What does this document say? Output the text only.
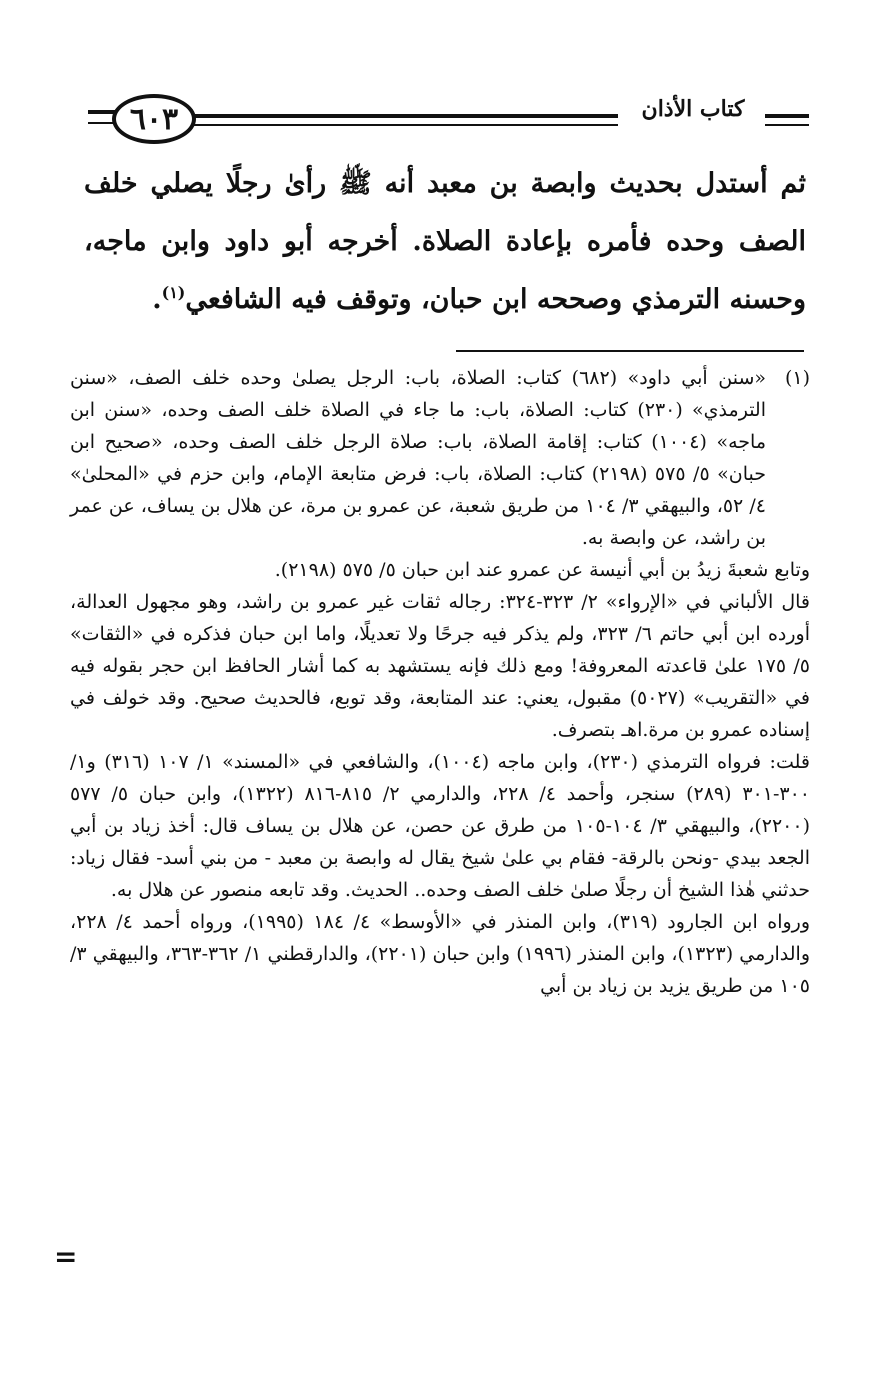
٦٠٣	كتاب الأذان

ثم أستدل بحديث وابصة بن معبد أنه ﷺ رأىٰ رجلًا يصلي خلف الصف وحده فأمره بإعادة الصلاة. أخرجه أبو داود وابن ماجه، وحسنه الترمذي وصححه ابن حبان، وتوقف فيه الشافعي$^{(١)}$.

(١)

«سنن أبي داود» (٦٨٢) كتاب: الصلاة، باب: الرجل يصلىٰ وحده خلف الصف، «سنن الترمذي» (٢٣٠) كتاب: الصلاة، باب: ما جاء في الصلاة خلف الصف وحده، «سنن ابن ماجه» (١٠٠٤) كتاب: إقامة الصلاة، باب: صلاة الرجل خلف الصف وحده، «صحيح ابن حبان» ٥/ ٥٧٥ (٢١٩٨) كتاب: الصلاة، باب: فرض متابعة الإمام، وابن حزم في «المحلىٰ» ٤/ ٥٢، والبيهقي ٣/ ١٠٤ من طريق شعبة، عن عمرو بن مرة، عن هلال بن يساف، عن عمر بن راشد، عن وابصة به.

وتابع شعبةَ زيدُ بن أبي أنيسة عن عمرو عند ابن حبان ٥/ ٥٧٥ (٢١٩٨).

قال الألباني في «الإرواء» ٢/ ٣٢٣-٣٢٤: رجاله ثقات غير عمرو بن راشد، وهو مجهول العدالة، أورده ابن أبي حاتم ٦/ ٣٢٣، ولم يذكر فيه جرحًا ولا تعديلًا، واما ابن حبان فذكره في «الثقات» ٥/ ١٧٥ علىٰ قاعدته المعروفة! ومع ذلك فإنه يستشهد به كما أشار الحافظ ابن حجر بقوله فيه في «التقريب» (٥٠٢٧) مقبول، يعني: عند المتابعة، وقد توبع، فالحديث صحيح. وقد خولف في إسناده عمرو بن مرة.اهـ بتصرف.

قلت: فرواه الترمذي (٢٣٠)، وابن ماجه (١٠٠٤)، والشافعي في «المسند» ١/ ١٠٧ (٣١٦) و١/ ٣٠٠-٣٠١ (٢٨٩) سنجر، وأحمد ٤/ ٢٢٨، والدارمي ٢/ ٨١٥-٨١٦ (١٣٢٢)، وابن حبان ٥/ ٥٧٧ (٢٢٠٠)، والبيهقي ٣/ ١٠٤-١٠٥ من طرق عن حصن، عن هلال بن يساف قال: أخذ زياد بن أبي الجعد بيدي -ونحن بالرقة- فقام بي علىٰ شيخ يقال له وابصة بن معبد - من بني أسد- فقال زياد: حدثني هٰذا الشيخ أن رجلًا صلىٰ خلف الصف وحده.. الحديث. وقد تابعه منصور عن هلال به.

ورواه ابن الجارود (٣١٩)، وابن المنذر في «الأوسط» ٤/ ١٨٤ (١٩٩٥)، ورواه أحمد ٤/ ٢٢٨، والدارمي (١٣٢٣)، وابن المنذر (١٩٩٦) وابن حبان (٢٢٠١)، والدارقطني ١/ ٣٦٢-٣٦٣، والبيهقي ٣/ ١٠٥ من طريق يزيد بن زياد بن أبي

=
